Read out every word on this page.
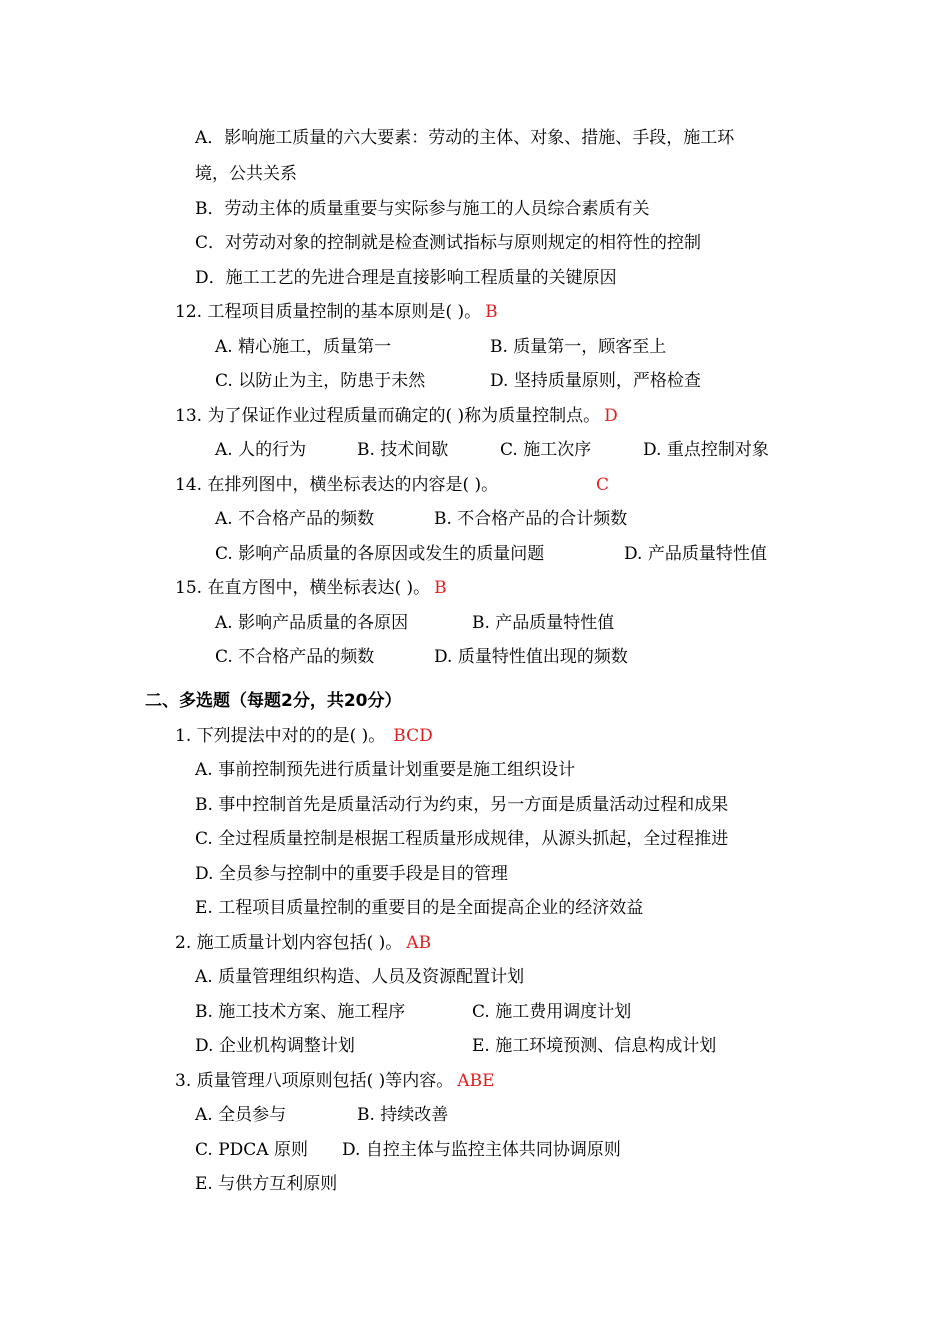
A．影响施工质量的六大要素：劳动的主体、对象、措施、手段，施工环
境，公共关系
B．劳动主体的质量重要与实际参与施工的人员综合素质有关
C．对劳动对象的控制就是检查测试指标与原则规定的相符性的控制
D．施工工艺的先进合理是直接影响工程质量的关键原因
12. 工程项目质量控制的基本原则是( )。 B
A. 精心施工，质量第一	B. 质量第一，顾客至上
C. 以防止为主，防患于未然	D. 坚持质量原则，严格检查
13. 为了保证作业过程质量而确定的( )称为质量控制点。 D
A. 人的行为	B. 技术间歇	C. 施工次序	D. 重点控制对象
14. 在排列图中，横坐标表达的内容是( )。	C
A. 不合格产品的频数	B. 不合格产品的合计频数
C. 影响产品质量的各原因或发生的质量问题	D. 产品质量特性值
15. 在直方图中，横坐标表达( )。 B
A. 影响产品质量的各原因	B. 产品质量特性值
C. 不合格产品的频数	D. 质量特性值出现的频数
二、多选题（每题2分，共20分）
1. 下列提法中对的的是( )。 BCD
A. 事前控制预先进行质量计划重要是施工组织设计
B. 事中控制首先是质量活动行为约束，另一方面是质量活动过程和成果
C. 全过程质量控制是根据工程质量形成规律，从源头抓起，全过程推进
D. 全员参与控制中的重要手段是目的管理
E. 工程项目质量控制的重要目的是全面提高企业的经济效益
2. 施工质量计划内容包括( )。 AB
A. 质量管理组织构造、人员及资源配置计划
B. 施工技术方案、施工程序	C. 施工费用调度计划
D. 企业机构调整计划	E. 施工环境预测、信息构成计划
3. 质量管理八项原则包括( )等内容。 ABE
A. 全员参与	B. 持续改善
C. PDCA 原则 D. 自控主体与监控主体共同协调原则
E. 与供方互利原则
